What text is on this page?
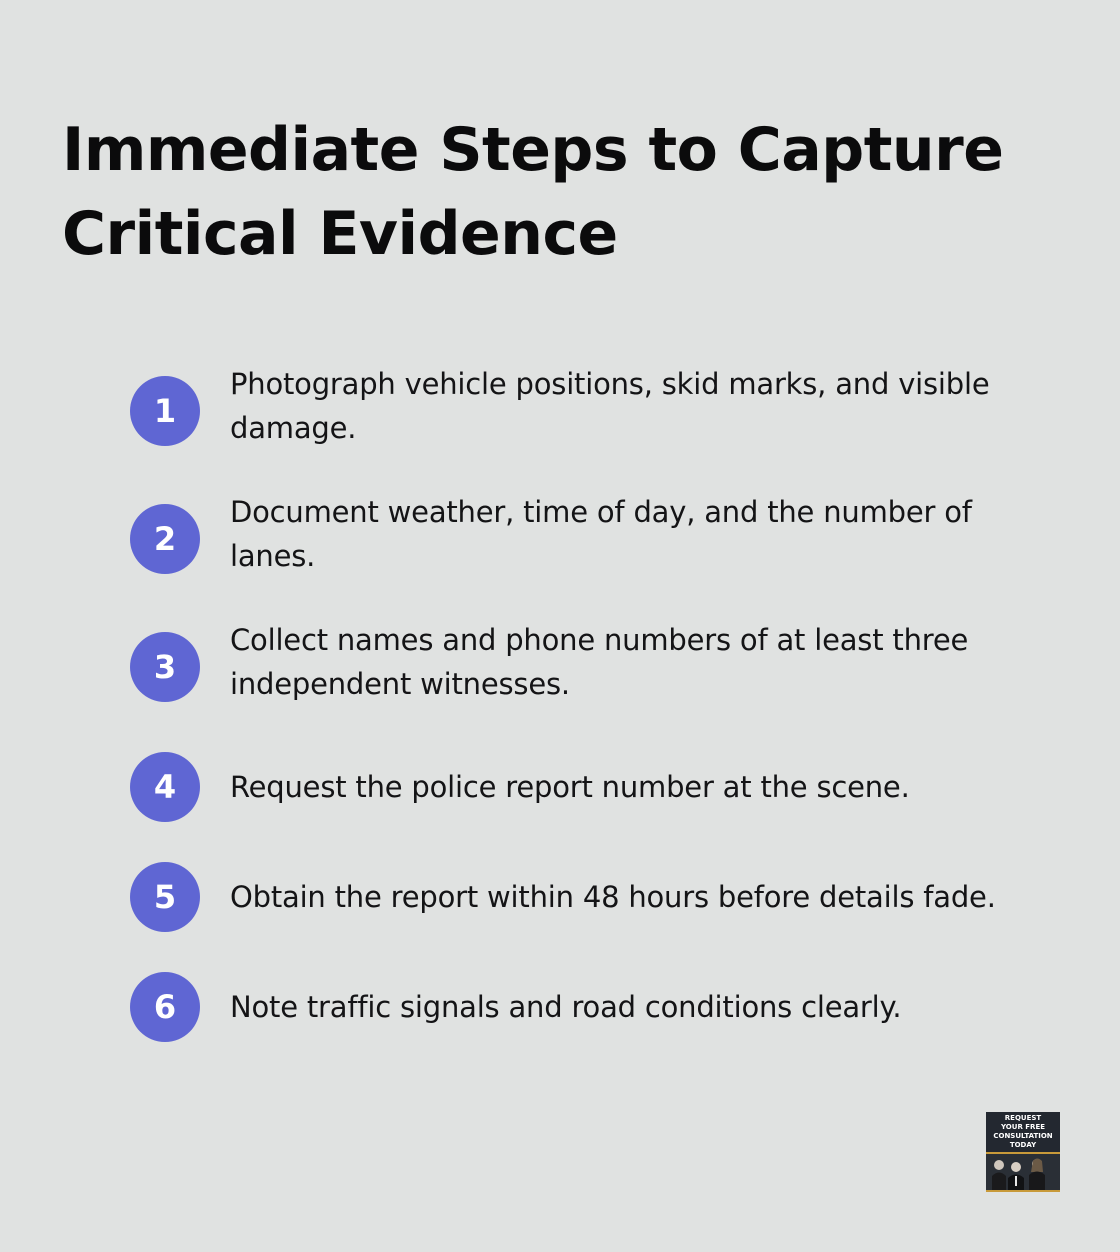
Immediate Steps to Capture
Critical Evidence
1
Photograph vehicle positions, skid marks, and visible
damage.
2
Document weather, time of day, and the number of
lanes.
3
Collect names and phone numbers of at least three
independent witnesses.
4	Request the police report number at the scene.
5	Obtain the report within 48 hours before details fade.
6	Note traffic signals and road conditions clearly.
REQUEST
YOUR FREE
CONSULTATION
TODAY
